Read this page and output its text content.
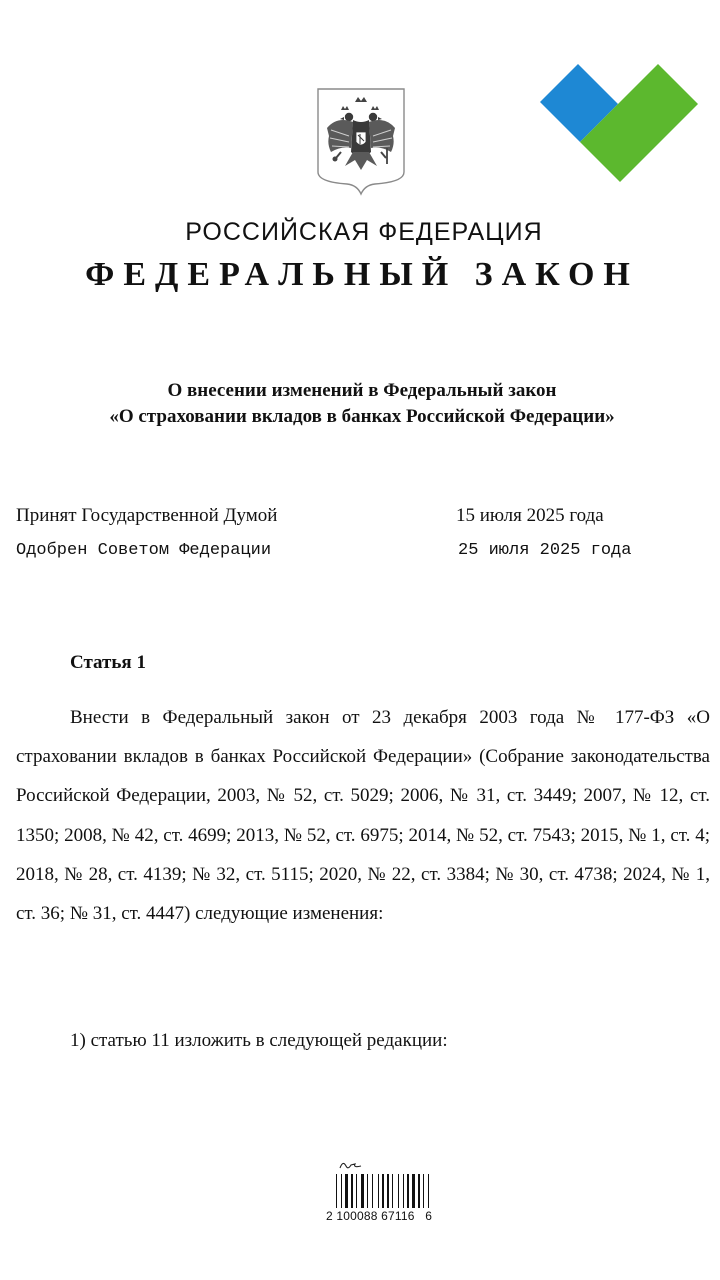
РОССИЙСКАЯ ФЕДЕРАЦИЯ
ФЕДЕРАЛЬНЫЙ ЗАКОН
О внесении изменений в Федеральный закон
«О страховании вкладов в банках Российской Федерации»
Принят Государственной Думой	15 июля 2025 года
Одобрен Советом Федерации	25 июля 2025 года
Статья 1

Внести в Федеральный закон от 23 декабря 2003 года № 177-ФЗ «О страховании вкладов в банках Российской Федерации» (Собрание законодательства Российской Федерации, 2003, № 52, ст. 5029; 2006, № 31, ст. 3449; 2007, № 12, ст. 1350; 2008, № 42, ст. 4699; 2013, № 52, ст. 6975; 2014, № 52, ст. 7543; 2015, № 1, ст. 4; 2018, № 28, ст. 4139; № 32, ст. 5115; 2020, № 22, ст. 3384; № 30, ст. 4738; 2024, № 1, ст. 36; № 31, ст. 4447) следующие изменения:

1) статью 11 изложить в следующей редакции:
2 100088 67116   6
